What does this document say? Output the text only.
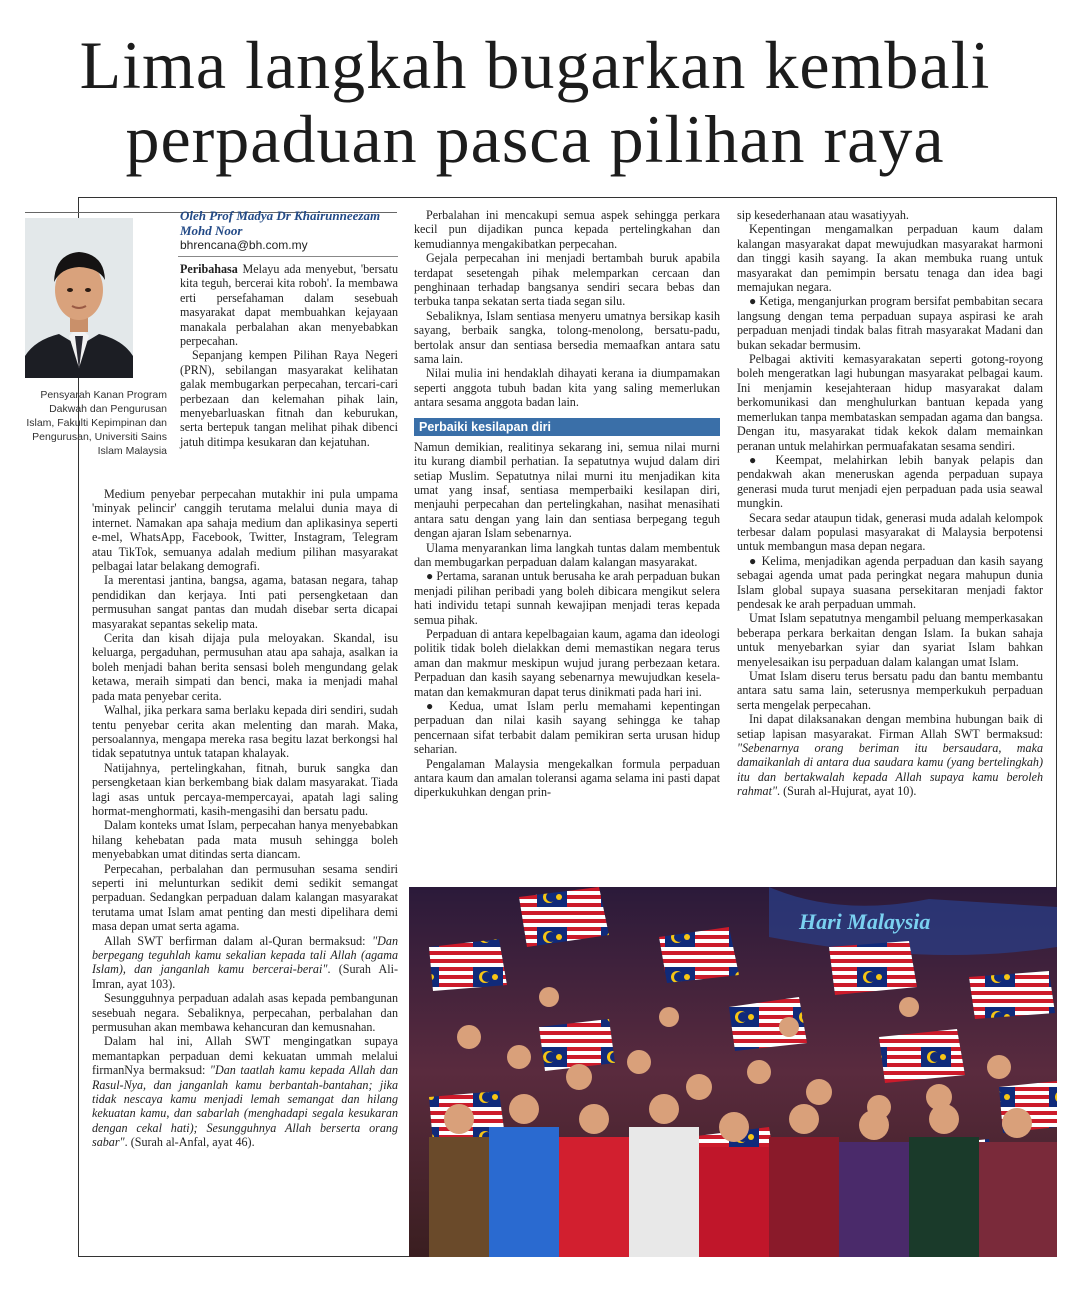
Lima langkah bugarkan kembali
perpaduan pasca pilihan raya
Oleh Prof Madya Dr Khairunneezam Mohd Noor
bhrencana@bh.com.my
Pensyarah Kanan Program Dakwah dan Pengurusan Islam, Fakulti Kepimpinan dan Pengurusan, Universiti Sains Islam Malaysia

Peribahasa Melayu ada menyebut, 'bersatu kita teguh, bercerai kita roboh'. Ia membawa erti persefahaman dalam sesebuah masyarakat dapat membuahkan kejayaan manakala perbalahan akan menyebabkan perpecahan.

Sepanjang kempen Pilihan Raya Negeri (PRN), sebilangan masyarakat kelihatan galak membugarkan perpecahan, tercari-cari perbezaan dan kelemahan pihak lain, menyebarluaskan fitnah dan keburukan, serta bertepuk tangan melihat pihak dibenci jatuh ditimpa kesukaran dan kejatuhan.

Medium penyebar perpecahan mutakhir ini pula umpama 'minyak pelincir' canggih terutama melalui dunia maya di internet. Namakan apa sahaja medium dan aplikasinya seperti e-mel, WhatsApp, Facebook, Twitter, Instagram, Telegram atau TikTok, semuanya adalah medium pilihan masyarakat pelbagai latar belakang demografi.

Ia merentasi jantina, bangsa, agama, batasan negara, tahap pendidikan dan kerjaya. Inti pati persengketaan dan permusuhan sangat pantas dan mudah disebar serta dicapai masyarakat sepantas sekelip mata.

Cerita dan kisah dijaja pula meloyakan. Skandal, isu keluarga, pergaduhan, permusuhan atau apa sahaja, asalkan ia boleh menjadi bahan berita sensasi boleh mengundang gelak ketawa, meraih simpati dan benci, maka ia menjadi mahal pada mata penyebar cerita.

Walhal, jika perkara sama berlaku kepada diri sendiri, sudah tentu penyebar cerita akan melenting dan marah. Maka, persoalannya, mengapa mereka rasa begitu lazat berkongsi hal tidak sepatutnya untuk tatapan khalayak.

Natijahnya, pertelingkahan, fitnah, buruk sangka dan persengketaan kian berkembang biak dalam masyarakat. Tiada lagi asas untuk percaya-mempercayai, apatah lagi saling hormat-menghormati, kasih-mengasihi dan bersatu padu.

Dalam konteks umat Islam, perpecahan hanya menyebabkan hilang kehebatan pada mata musuh sehingga boleh menyebabkan umat ditindas serta diancam.

Perpecahan, perbalahan dan permusuhan sesama sendiri seperti ini melunturkan sedikit demi sedikit semangat perpaduan. Sedangkan perpaduan dalam kalangan masyarakat terutama umat Islam amat penting dan mesti dipelihara demi masa depan umat serta agama.

Allah SWT berfirman dalam al-Quran bermaksud: "Dan berpegang teguhlah kamu sekalian kepada tali Allah (agama Islam), dan janganlah kamu bercerai-berai". (Surah Ali-Imran, ayat 103).

Sesungguhnya perpaduan adalah asas kepada pembangunan sesebuah negara. Sebaliknya, perpecahan, perbalahan dan permusuhan akan membawa kehancuran dan kemusnahan.

Dalam hal ini, Allah SWT mengingatkan supaya memantapkan perpaduan demi kekuatan ummah melalui firmanNya bermaksud: "Dan taatlah kamu kepada Allah dan Rasul-Nya, dan janganlah kamu berbantah-bantahan; jika tidak nescaya kamu menjadi lemah semangat dan hilang kekuatan kamu, dan sabarlah (menghadapi segala kesukaran dengan cekal hati); Sesungguhnya Allah berserta orang sabar". (Surah al-Anfal, ayat 46).

Perbalahan ini mencakupi semua aspek sehingga perkara kecil pun dijadikan punca kepada pertelingkahan dan kemudiannya mengakibatkan perpecahan.

Gejala perpecahan ini menjadi bertambah buruk apabila terdapat sesetengah pihak melemparkan cercaan dan penghinaan terhadap bangsanya sendiri secara bebas dan terbuka tanpa sekatan serta tiada segan silu.

Sebaliknya, Islam sentiasa menyeru umatnya bersikap kasih sayang, berbaik sangka, tolong-menolong, bersatu-padu, bertolak ansur dan sentiasa bersedia memaafkan antara satu sama lain.

Nilai mulia ini hendaklah dihayati kerana ia diumpamakan seperti anggota tubuh badan kita yang saling memerlukan antara sesama anggota badan lain.

Perbaiki kesilapan diri

Namun demikian, realitinya sekarang ini, semua nilai murni itu kurang diambil perhatian. Ia sepatutnya wujud dalam diri setiap Muslim. Sepatutnya nilai murni itu menjadikan kita umat yang insaf, sentiasa memperbaiki kesilapan diri, menjauhi perpecahan dan pertelingkahan, nasihat menasihati antara satu dengan yang lain dan sentiasa berpegang teguh dengan ajaran Islam sebenarnya.

Ulama menyarankan lima langkah tuntas dalam membentuk dan membugarkan perpaduan dalam kalangan masyarakat.

● Pertama, saranan untuk berusaha ke arah perpaduan bukan menjadi pilihan peribadi yang boleh dibicara mengikut selera hati individu tetapi sunnah kewajipan menjadi teras kepada semua pihak.

Perpaduan di antara kepelbagaian kaum, agama dan ideologi politik tidak boleh dielakkan demi memastikan negara terus aman dan makmur meskipun wujud jurang perbezaan ketara. Perpaduan dan kasih sayang sebenarnya mewujudkan keselamatan dan kemakmuran dapat terus dinikmati pada hari ini.

● Kedua, umat Islam perlu memahami kepentingan perpaduan dan nilai kasih sayang sehingga ke tahap pencernaan sifat terbabit dalam pemikiran serta urusan hidup seharian.

Pengalaman Malaysia mengekalkan formula perpaduan antara kaum dan amalan toleransi agama selama ini pasti dapat diperkukuhkan dengan prin-

sip kesederhanaan atau wasatiyyah.

Kepentingan mengamalkan perpaduan kaum dalam kalangan masyarakat dapat mewujudkan masyarakat harmoni dan tinggi kasih sayang. Ia akan membuka ruang untuk masyarakat dan pemimpin bersatu tenaga dan idea bagi memajukan negara.

● Ketiga, menganjurkan program bersifat pembabitan secara langsung dengan tema perpaduan supaya aspirasi ke arah perpaduan menjadi tindak balas fitrah masyarakat Madani dan bukan sekadar bermusim.

Pelbagai aktiviti kemasyarakatan seperti gotong-royong boleh mengeratkan lagi hubungan masyarakat pelbagai kaum. Ini menjamin kesejahteraan hidup masyarakat dalam berkomunikasi dan menghulurkan bantuan kepada yang memerlukan tanpa membataskan sempadan agama dan bangsa. Dengan itu, masyarakat tidak kekok dalam memainkan peranan untuk melahirkan permuafakatan sesama sendiri.

● Keempat, melahirkan lebih banyak pelapis dan pendakwah akan meneruskan agenda perpaduan supaya generasi muda turut menjadi ejen perpaduan pada usia seawal mungkin.

Secara sedar ataupun tidak, generasi muda adalah kelompok terbesar dalam populasi masyarakat di Malaysia berpotensi untuk membangun masa depan negara.

● Kelima, menjadikan agenda perpaduan dan kasih sayang sebagai agenda umat pada peringkat negara mahupun dunia Islam global supaya suasana persekitaran menjadi faktor pendesak ke arah perpaduan ummah.

Umat Islam sepatutnya mengambil peluang memperkasakan beberapa perkara berkaitan dengan Islam. Ia bukan sahaja untuk menyebarkan syiar dan syariat Islam bahkan menyelesaikan isu perpaduan dalam kalangan umat Islam.

Umat Islam diseru terus bersatu padu dan bantu membantu antara satu sama lain, seterusnya memperkukuh perpaduan serta mengelak perpecahan.

Ini dapat dilaksanakan dengan membina hubungan baik di setiap lapisan masyarakat. Firman Allah SWT bermaksud: "Sebenarnya orang beriman itu bersaudara, maka damaikanlah di antara dua saudara kamu (yang bertelingkah) itu dan bertakwalah kepada Allah supaya kamu beroleh rahmat". (Surah al-Hujurat, ayat 10).

Hari Malaysia
